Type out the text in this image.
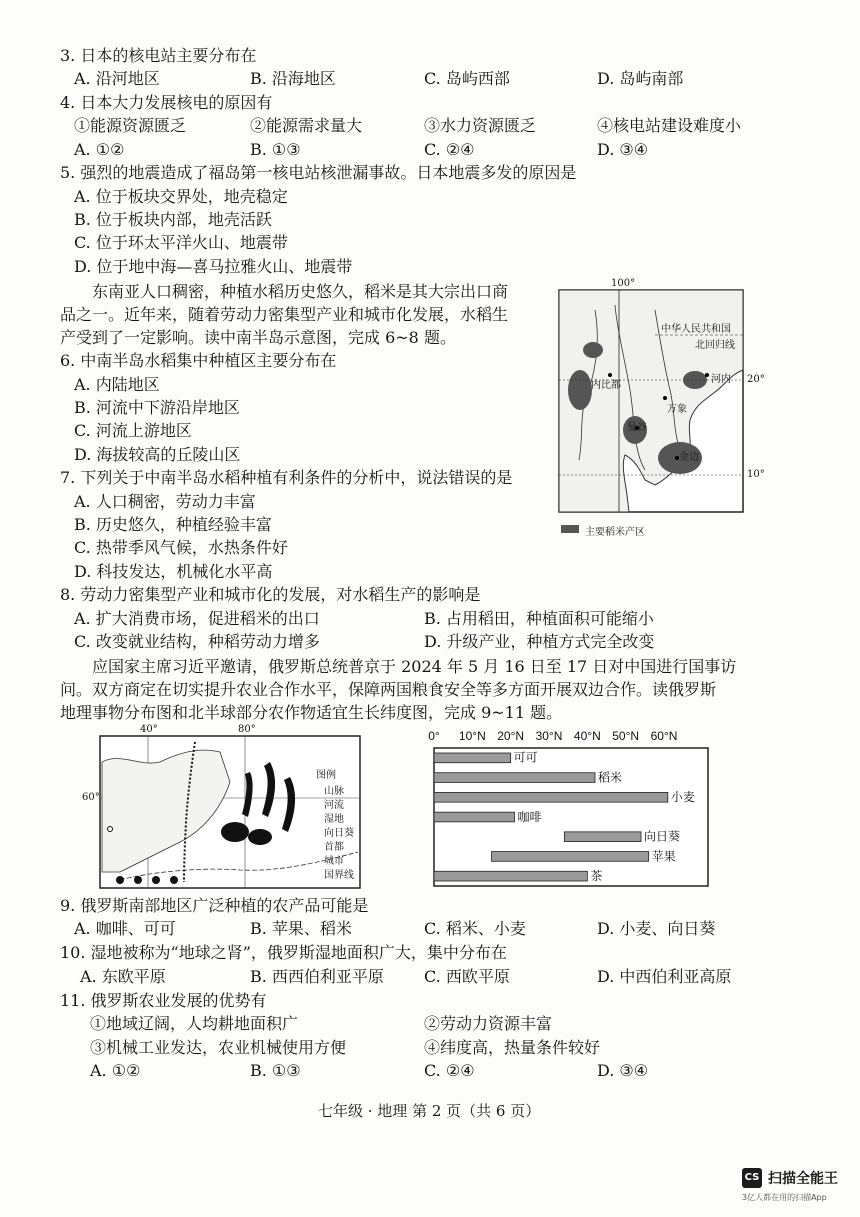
3. 日本的核电站主要分布在
A. 沿河地区	B. 沿海地区	C. 岛屿西部	D. 岛屿南部
4. 日本大力发展核电的原因有
①能源资源匮乏	②能源需求量大	③水力资源匮乏	④核电站建设难度小
A. ①②	B. ①③	C. ②④	D. ③④
5. 强烈的地震造成了福岛第一核电站核泄漏事故。日本地震多发的原因是
A. 位于板块交界处，地壳稳定
B. 位于板块内部，地壳活跃
C. 位于环太平洋火山、地震带
D. 位于地中海—喜马拉雅火山、地震带
东南亚人口稠密，种植水稻历史悠久，稻米是其大宗出口商
品之一。近年来，随着劳动力密集型产业和城市化发展，水稻生
产受到了一定影响。读中南半岛示意图，完成 6~8 题。
6. 中南半岛水稻集中种植区主要分布在
A. 内陆地区
B. 河流中下游沿岸地区
C. 河流上游地区
D. 海拔较高的丘陵山区
7. 下列关于中南半岛水稻种植有利条件的分析中，说法错误的是
A. 人口稠密，劳动力丰富
B. 历史悠久，种植经验丰富
C. 热带季风气候，水热条件好
D. 科技发达，机械化水平高
100°
20°
10°
中华人民共和国
北回归线
内比都
河内
万象
曼谷
金边
主要稻米产区
8. 劳动力密集型产业和城市化的发展，对水稻生产的影响是
A. 扩大消费市场，促进稻米的出口	B. 占用稻田，种植面积可能缩小
C. 改变就业结构，种稻劳动力增多	D. 升级产业，种植方式完全改变
应国家主席习近平邀请，俄罗斯总统普京于 2024 年 5 月 16 日至 17 日对中国进行国事访
问。双方商定在切实提升农业合作水平，保障两国粮食安全等多方面开展双边合作。读俄罗斯
地理事物分布图和北半球部分农作物适宜生长纬度图，完成 9~11 题。
40°	80°
60°
图例
山脉
河流
湿地
向日葵
首都
城市
国界线
0° 10°N 20°N 30°N 40°N 50°N 60°N
可可
稻米
小麦
咖啡
向日葵
苹果
茶
9. 俄罗斯南部地区广泛种植的农产品可能是
A. 咖啡、可可	B. 苹果、稻米	C. 稻米、小麦	D. 小麦、向日葵
10. 湿地被称为“地球之肾”，俄罗斯湿地面积广大，集中分布在
A. 东欧平原	B. 西西伯利亚平原	C. 西欧平原	D. 中西伯利亚高原
11. 俄罗斯农业发展的优势有
①地域辽阔，人均耕地面积广	②劳动力资源丰富
③机械工业发达，农业机械使用方便	④纬度高，热量条件较好
A. ①②	B. ①③	C. ②④	D. ③④
七年级 · 地理 第 2 页（共 6 页）
CS 扫描全能王
3亿人都在用的扫描App
